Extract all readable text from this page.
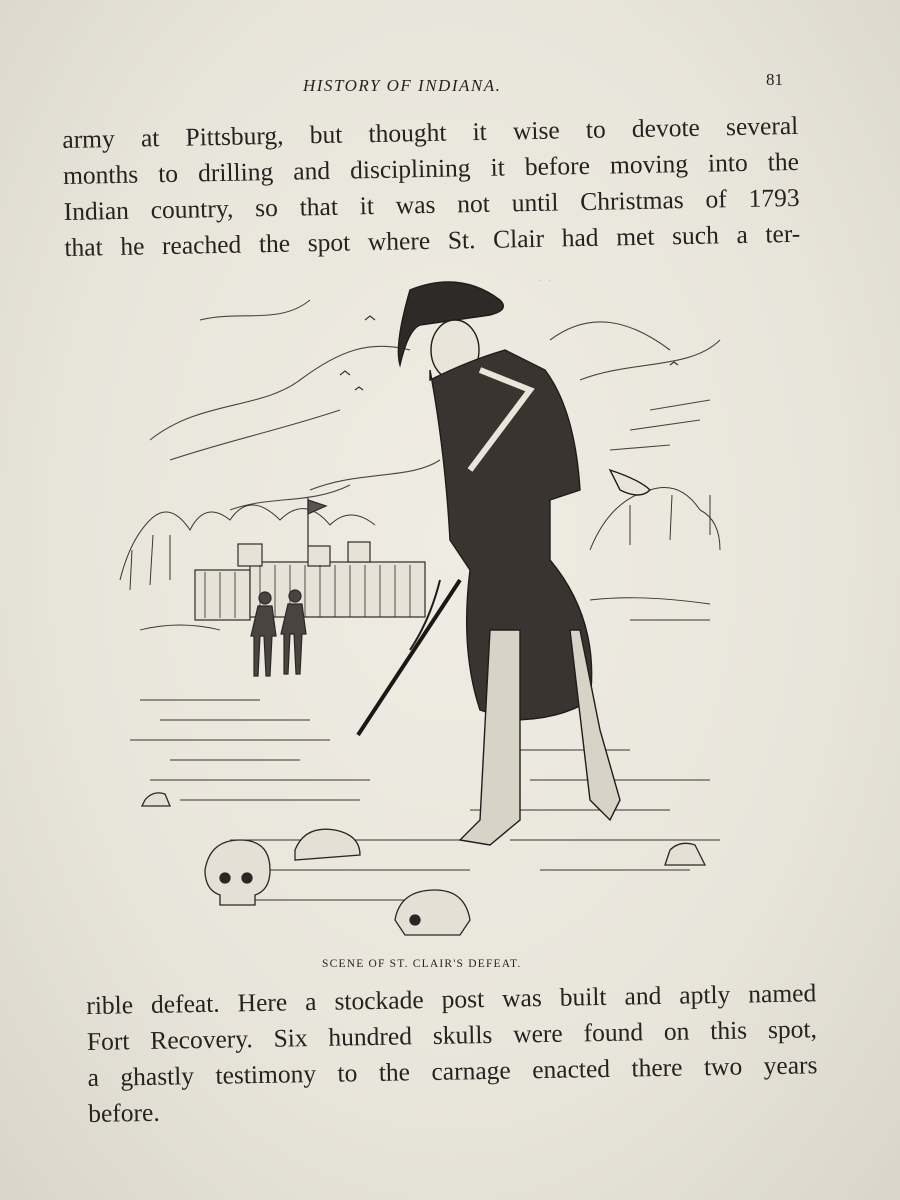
HISTORY OF INDIANA.	81
army at Pittsburg, but thought it wise to devote several
months to drilling and disciplining it before moving into the
Indian country, so that it was not until Christmas of 1793
that he reached the spot where St. Clair had met such a ter-
SCENE OF ST. CLAIR'S DEFEAT.
rible defeat. Here a stockade post was built and aptly named
Fort Recovery. Six hundred skulls were found on this spot,
a ghastly testimony to the carnage enacted there two years
before.
